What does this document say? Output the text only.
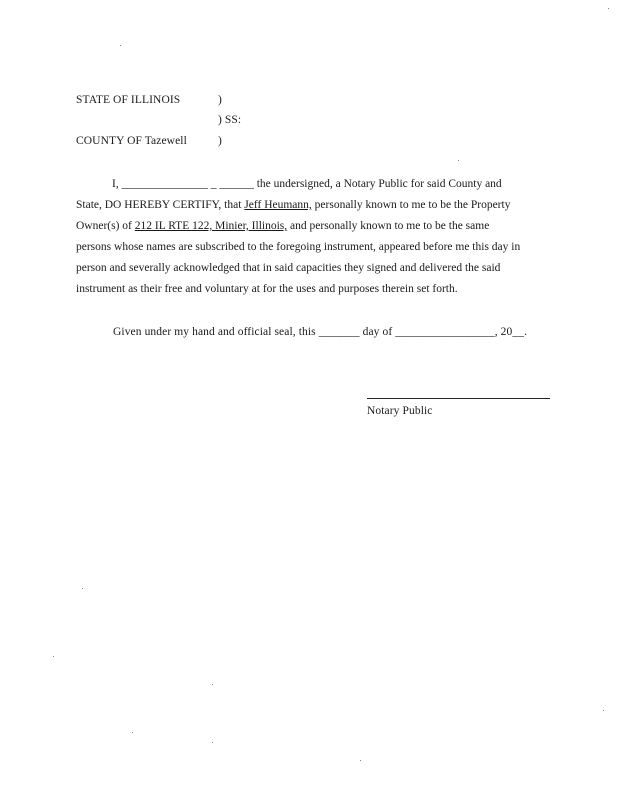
STATE OF ILLINOIS	)
) SS:
COUNTY OF Tazewell	)
I, _______________ _ ______ the undersigned, a Notary Public for said County and
State, DO HEREBY CERTIFY, that Jeff Heumann, personally known to me to be the Property
Owner(s) of 212 IL RTE 122, Minier, Illinois, and personally known to me to be the same
persons whose names are subscribed to the foregoing instrument, appeared before me this day in
person and severally acknowledged that in said capacities they signed and delivered the said
instrument as their free and voluntary at for the uses and purposes therein set forth.
Given under my hand and official seal, this _______ day of _________________, 20__.
Notary Public
